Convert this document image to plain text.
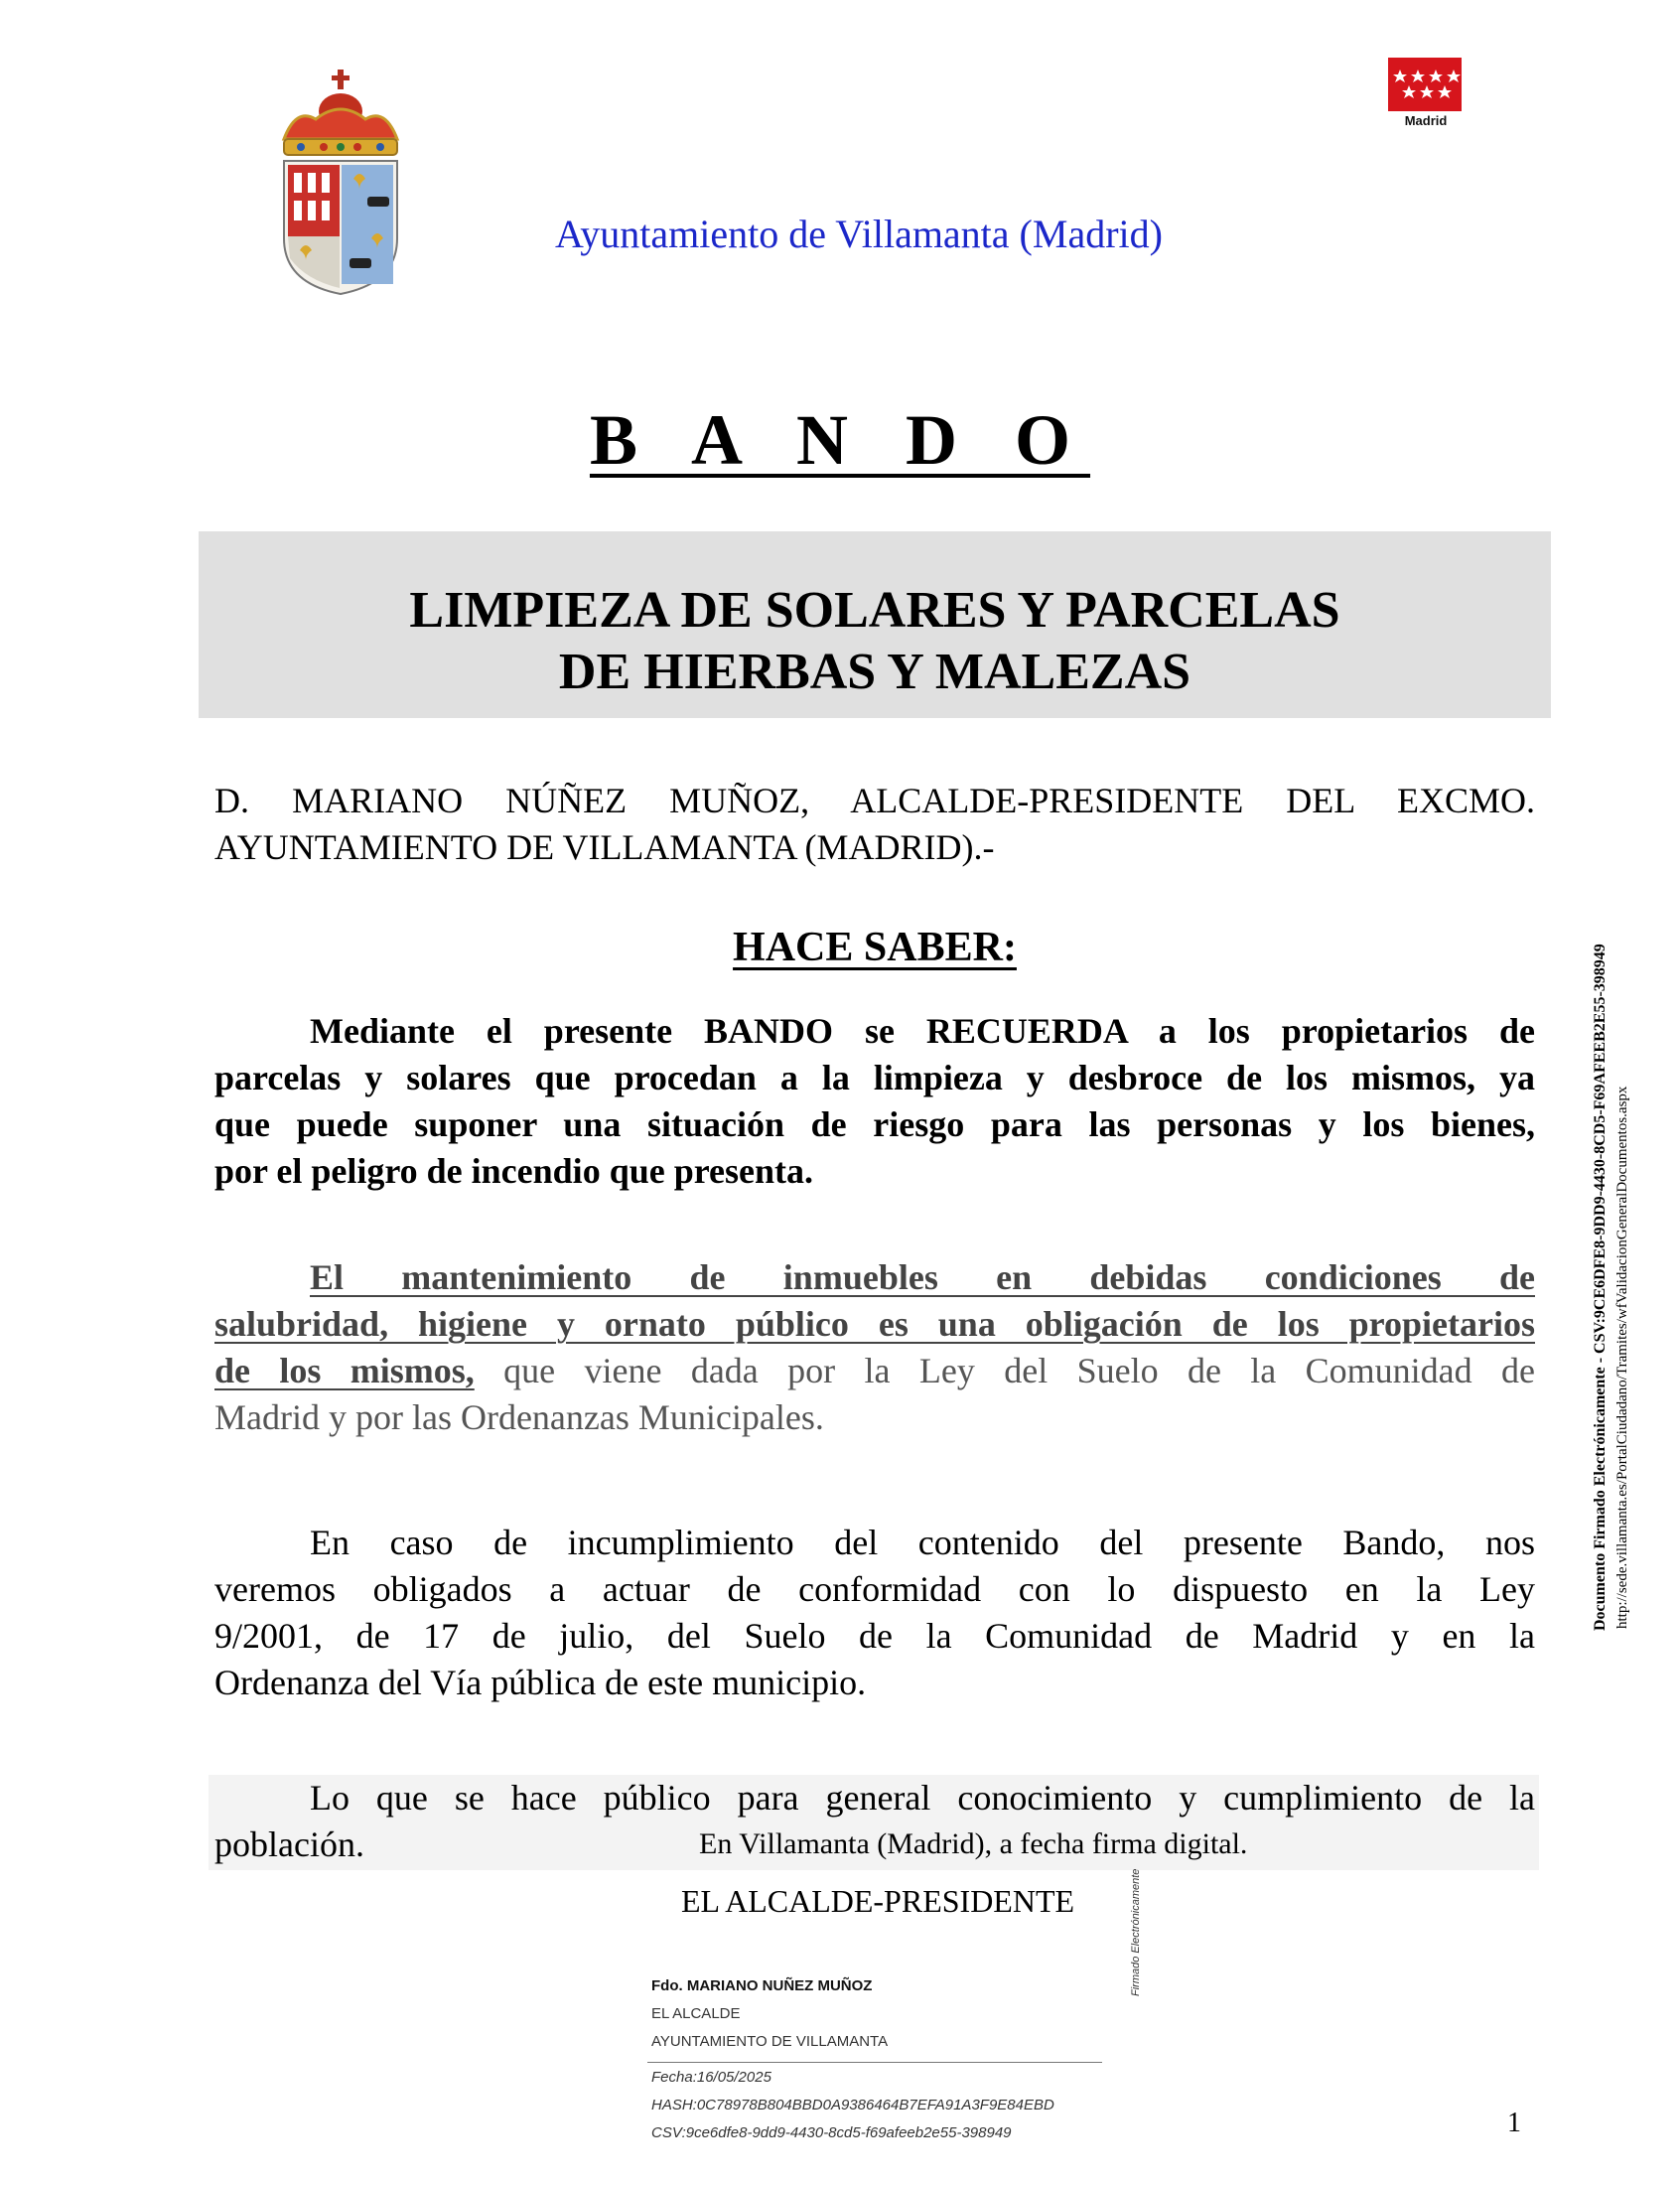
Madrid
Ayuntamiento de Villamanta (Madrid)
B A N D O
LIMPIEZA DE SOLARES Y PARCELAS
DE HIERBAS Y MALEZAS
D. MARIANO NÚÑEZ MUÑOZ, ALCALDE-PRESIDENTE DEL EXCMO.
AYUNTAMIENTO DE VILLAMANTA (MADRID).-
HACE SABER:
Mediante el presente BANDO se RECUERDA a los propietarios de
parcelas y solares que procedan a la limpieza y desbroce de los mismos, ya
que puede suponer una situación de riesgo para las personas y los bienes,
por el peligro de incendio que presenta.
El mantenimiento de inmuebles en debidas condiciones de
salubridad, higiene y ornato público es una obligación de los propietarios
de los mismos, que viene dada por la Ley del Suelo de la Comunidad de
Madrid y por las Ordenanzas Municipales.
En caso de incumplimiento del contenido del presente Bando, nos
veremos obligados a actuar de conformidad con lo dispuesto en la Ley
9/2001, de 17 de julio, del Suelo de la Comunidad de Madrid y en la
Ordenanza del Vía pública de este municipio.
Lo que se hace público para general conocimiento y cumplimiento de la
población.	En Villamanta (Madrid), a fecha firma digital.
EL ALCALDE-PRESIDENTE
Fdo. MARIANO NUÑEZ MUÑOZ
EL ALCALDE
AYUNTAMIENTO DE VILLAMANTA
Fecha:16/05/2025
HASH:0C78978B804BBD0A9386464B7EFA91A3F9E84EBD
CSV:9ce6dfe8-9dd9-4430-8cd5-f69afeeb2e55-398949
Firmado Electrónicamente
Documento Firmado Electrónicamente - CSV:9CE6DFE8-9DD9-4430-8CD5-F69AFEEB2E55-398949 http://sede.villamanta.es/PortalCiudadano/Tramites/wfValidacionGeneralDocumentos.aspx
1
